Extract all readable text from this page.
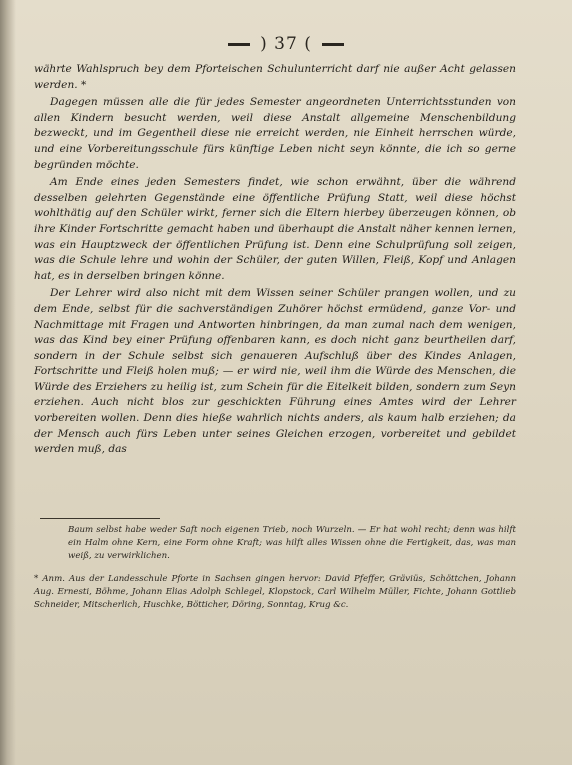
) 37 (

währte Wahlspruch bey dem Pforteischen Schulunterricht darf nie außer Acht gelassen werden. *

Dagegen müssen alle die für jedes Semester angeordneten Unterrichtsstunden von allen Kindern besucht werden, weil diese Anstalt allgemeine Menschenbildung bezweckt, und im Gegentheil diese nie erreicht werden, nie Einheit herrschen würde, und eine Vorbereitungsschule fürs künftige Leben nicht seyn könnte, die ich so gerne begründen möchte.

Am Ende eines jeden Semesters findet, wie schon erwähnt, über die während desselben gelehrten Gegenstände eine öffentliche Prüfung Statt, weil diese höchst wohlthätig auf den Schüler wirkt, ferner sich die Eltern hierbey überzeugen können, ob ihre Kinder Fortschritte gemacht haben und überhaupt die Anstalt näher kennen lernen, was ein Hauptzweck der öffentlichen Prüfung ist. Denn eine Schulprüfung soll zeigen, was die Schule lehre und wohin der Schüler, der guten Willen, Fleiß, Kopf und Anlagen hat, es in derselben bringen könne.

Der Lehrer wird also nicht mit dem Wissen seiner Schüler prangen wollen, und zu dem Ende, selbst für die sachverständigen Zuhörer höchst ermüdend, ganze Vor- und Nachmittage mit Fragen und Antworten hinbringen, da man zumal nach dem wenigen, was das Kind bey einer Prüfung offenbaren kann, es doch nicht ganz beurtheilen darf, sondern in der Schule selbst sich genaueren Aufschluß über des Kindes Anlagen, Fortschritte und Fleiß holen muß; — er wird nie, weil ihm die Würde des Menschen, die Würde des Erziehers zu heilig ist, zum Schein für die Eitelkeit bilden, sondern zum Seyn erziehen. Auch nicht blos zur geschickten Führung eines Amtes wird der Lehrer vorbereiten wollen. Denn dies hieße wahrlich nichts anders, als kaum halb erziehen; da der Mensch auch fürs Leben unter seines Gleichen erzogen, vorbereitet und gebildet werden muß, das

Baum selbst habe weder Saft noch eigenen Trieb, noch Wurzeln. — Er hat wohl recht; denn was hilft ein Halm ohne Kern, eine Form ohne Kraft; was hilft alles Wissen ohne die Fertigkeit, das, was man weiß, zu verwirklichen.

* Anm. Aus der Landesschule Pforte in Sachsen gingen hervor: David Pfeffer, Gräviüs, Schöttchen, Johann Aug. Ernesti, Böhme, Johann Elias Adolph Schlegel, Klopstock, Carl Wilhelm Müller, Fichte, Johann Gottlieb Schneider, Mitscherlich, Huschke, Bötticher, Döring, Sonntag, Krug &c.
